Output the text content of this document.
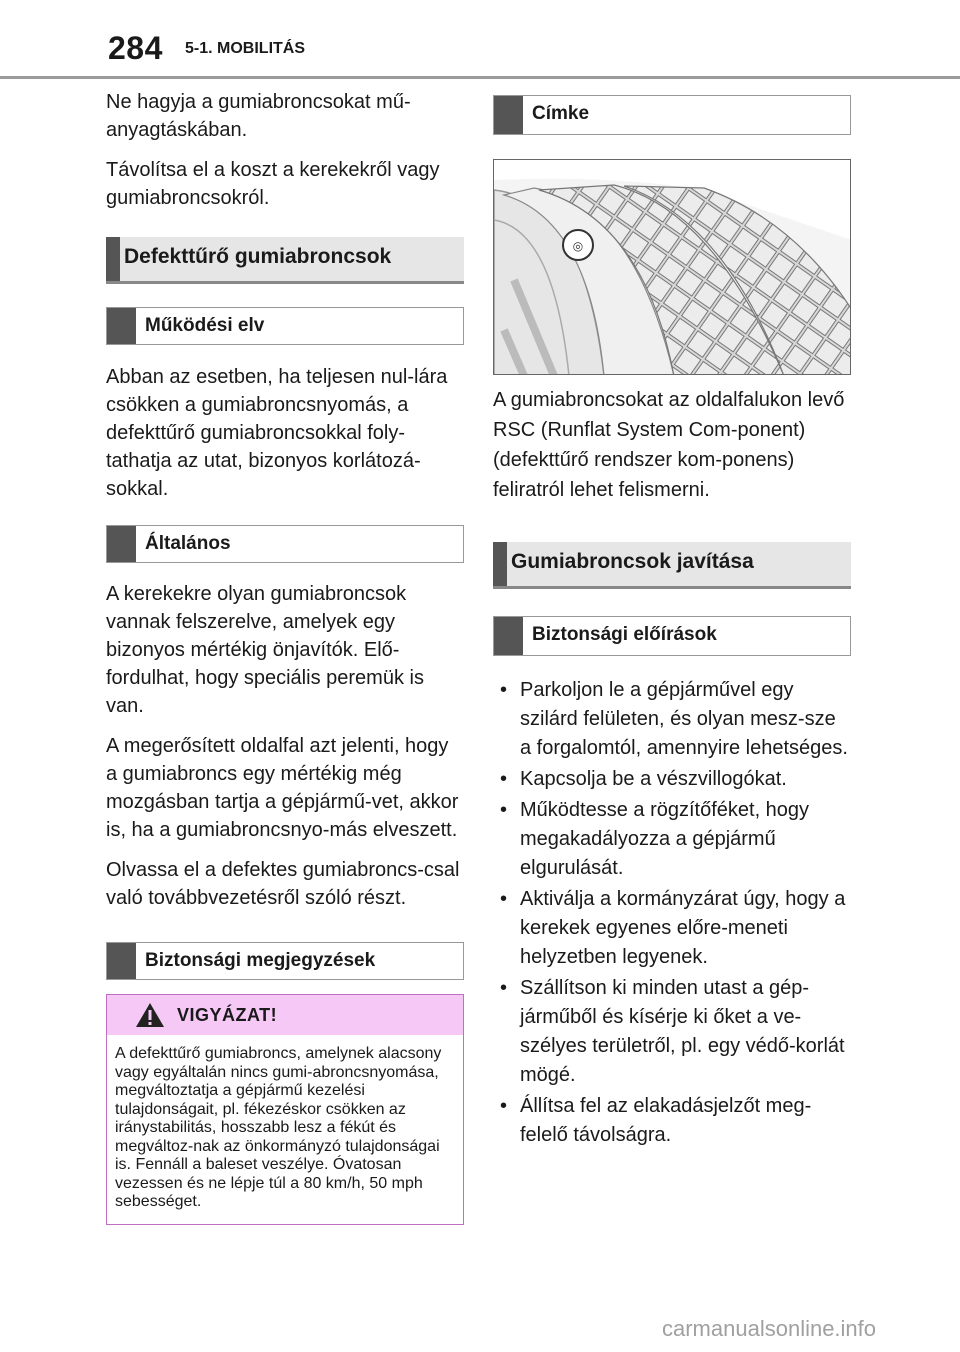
284 5-1. MOBILITÁS

Ne hagyja a gumiabroncsokat mű-anyagtáskában.

Távolítsa el a koszt a kerekekről vagy gumiabroncsokról.

Defekttűrő gumiabroncsok
Működési elv

Abban az esetben, ha teljesen nul-lára csökken a gumiabroncsnyomás, a defekttűrő gumiabroncsokkal foly-tathatja az utat, bizonyos korlátozá-sokkal.

Általános

A kerekekre olyan gumiabroncsok vannak felszerelve, amelyek egy bizonyos mértékig önjavítók. Elő-fordulhat, hogy speciális peremük is van.

A megerősített oldalfal azt jelenti, hogy a gumiabroncs egy mértékig még mozgásban tartja a gépjármű-vet, akkor is, ha a gumiabroncsnyo-más elveszett.

Olvassa el a defektes gumiabroncs-csal való továbbvezetésről szóló részt.

Biztonsági megjegyzések
VIGYÁZAT!
A defekttűrő gumiabroncs, amelynek alacsony vagy egyáltalán nincs gumi-abroncsnyomása, megváltoztatja a gépjármű kezelési tulajdonságait, pl. fékezéskor csökken az iránystabilitás, hosszabb lesz a fékút és megváltoz-nak az önkormányzó tulajdonságai is. Fennáll a baleset veszélye. Óvatosan vezessen és ne lépje túl a 80 km/h, 50 mph sebességet.
Címke
◎

A gumiabroncsokat az oldalfalukon levő RSC (Runflat System Com-ponent) (defekttűrő rendszer kom-ponens) feliratról lehet felismerni.

Gumiabroncsok javítása
Biztonsági előírások
• Parkoljon le a gépjárművel egy szilárd felületen, és olyan mesz-sze a forgalomtól, amennyire lehetséges.
• Kapcsolja be a vészvillogókat.
• Működtesse a rögzítőféket, hogy megakadályozza a gépjármű elgurulását.
• Aktiválja a kormányzárat úgy, hogy a kerekek egyenes előre-meneti helyzetben legyenek.
• Szállítson ki minden utast a gép-járműből és kísérje ki őket a ve-szélyes területről, pl. egy védő-korlát mögé.
• Állítsa fel az elakadásjelzőt meg-felelő távolságra.
carmanualsonline.info
